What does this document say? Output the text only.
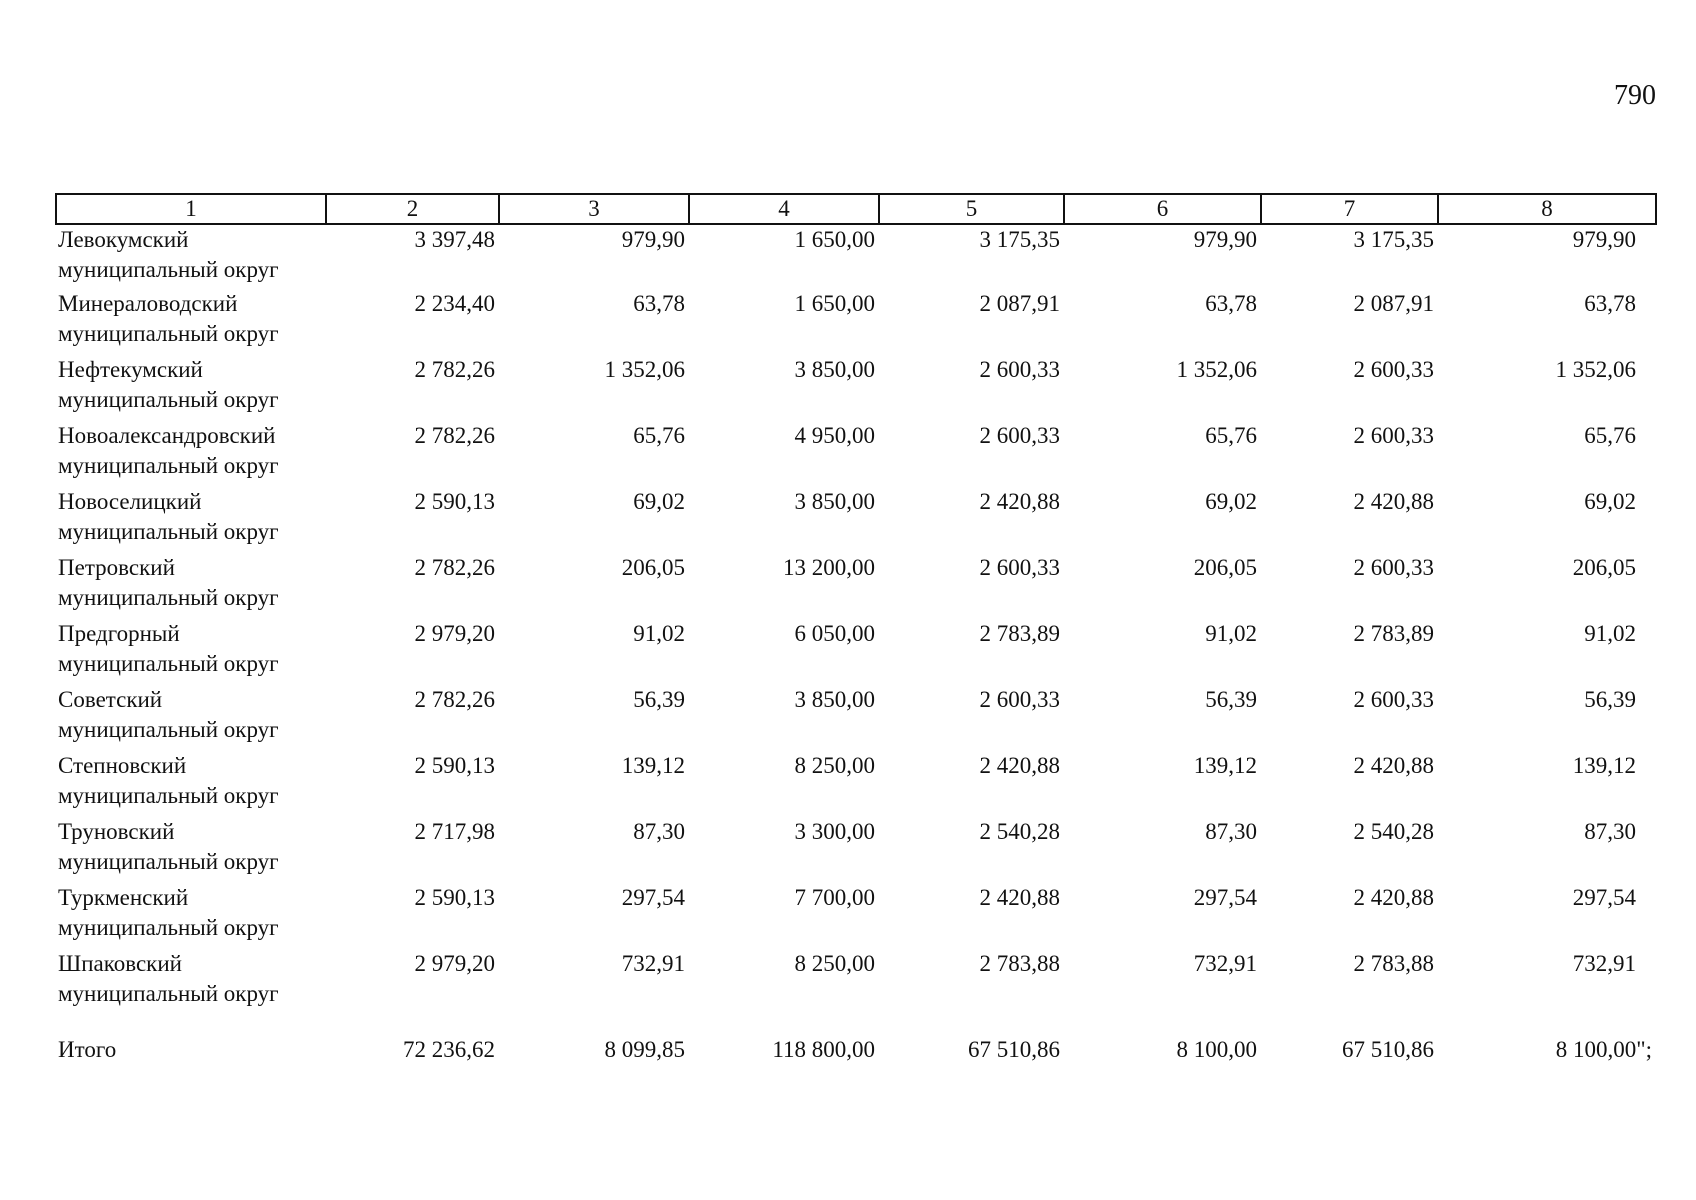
790
1	2	3	4	5	6	7	8

Левокумский
муниципальный округ	3 397,48	979,90	1 650,00	3 175,35	979,90	3 175,35	979,90

Минераловодский
муниципальный округ	2 234,40	63,78	1 650,00	2 087,91	63,78	2 087,91	63,78

Нефтекумский
муниципальный округ	2 782,26	1 352,06	3 850,00	2 600,33	1 352,06	2 600,33	1 352,06

Новоалександровский
муниципальный округ	2 782,26	65,76	4 950,00	2 600,33	65,76	2 600,33	65,76

Новоселицкий
муниципальный округ	2 590,13	69,02	3 850,00	2 420,88	69,02	2 420,88	69,02

Петровский
муниципальный округ	2 782,26	206,05	13 200,00	2 600,33	206,05	2 600,33	206,05

Предгорный
муниципальный округ	2 979,20	91,02	6 050,00	2 783,89	91,02	2 783,89	91,02

Советский
муниципальный округ	2 782,26	56,39	3 850,00	2 600,33	56,39	2 600,33	56,39

Степновский
муниципальный округ	2 590,13	139,12	8 250,00	2 420,88	139,12	2 420,88	139,12

Труновский
муниципальный округ	2 717,98	87,30	3 300,00	2 540,28	87,30	2 540,28	87,30

Туркменский
муниципальный округ	2 590,13	297,54	7 700,00	2 420,88	297,54	2 420,88	297,54

Шпаковский
муниципальный округ	2 979,20	732,91	8 250,00	2 783,88	732,91	2 783,88	732,91

Итого	72 236,62	8 099,85	118 800,00	67 510,86	8 100,00	67 510,86	8 100,00";
